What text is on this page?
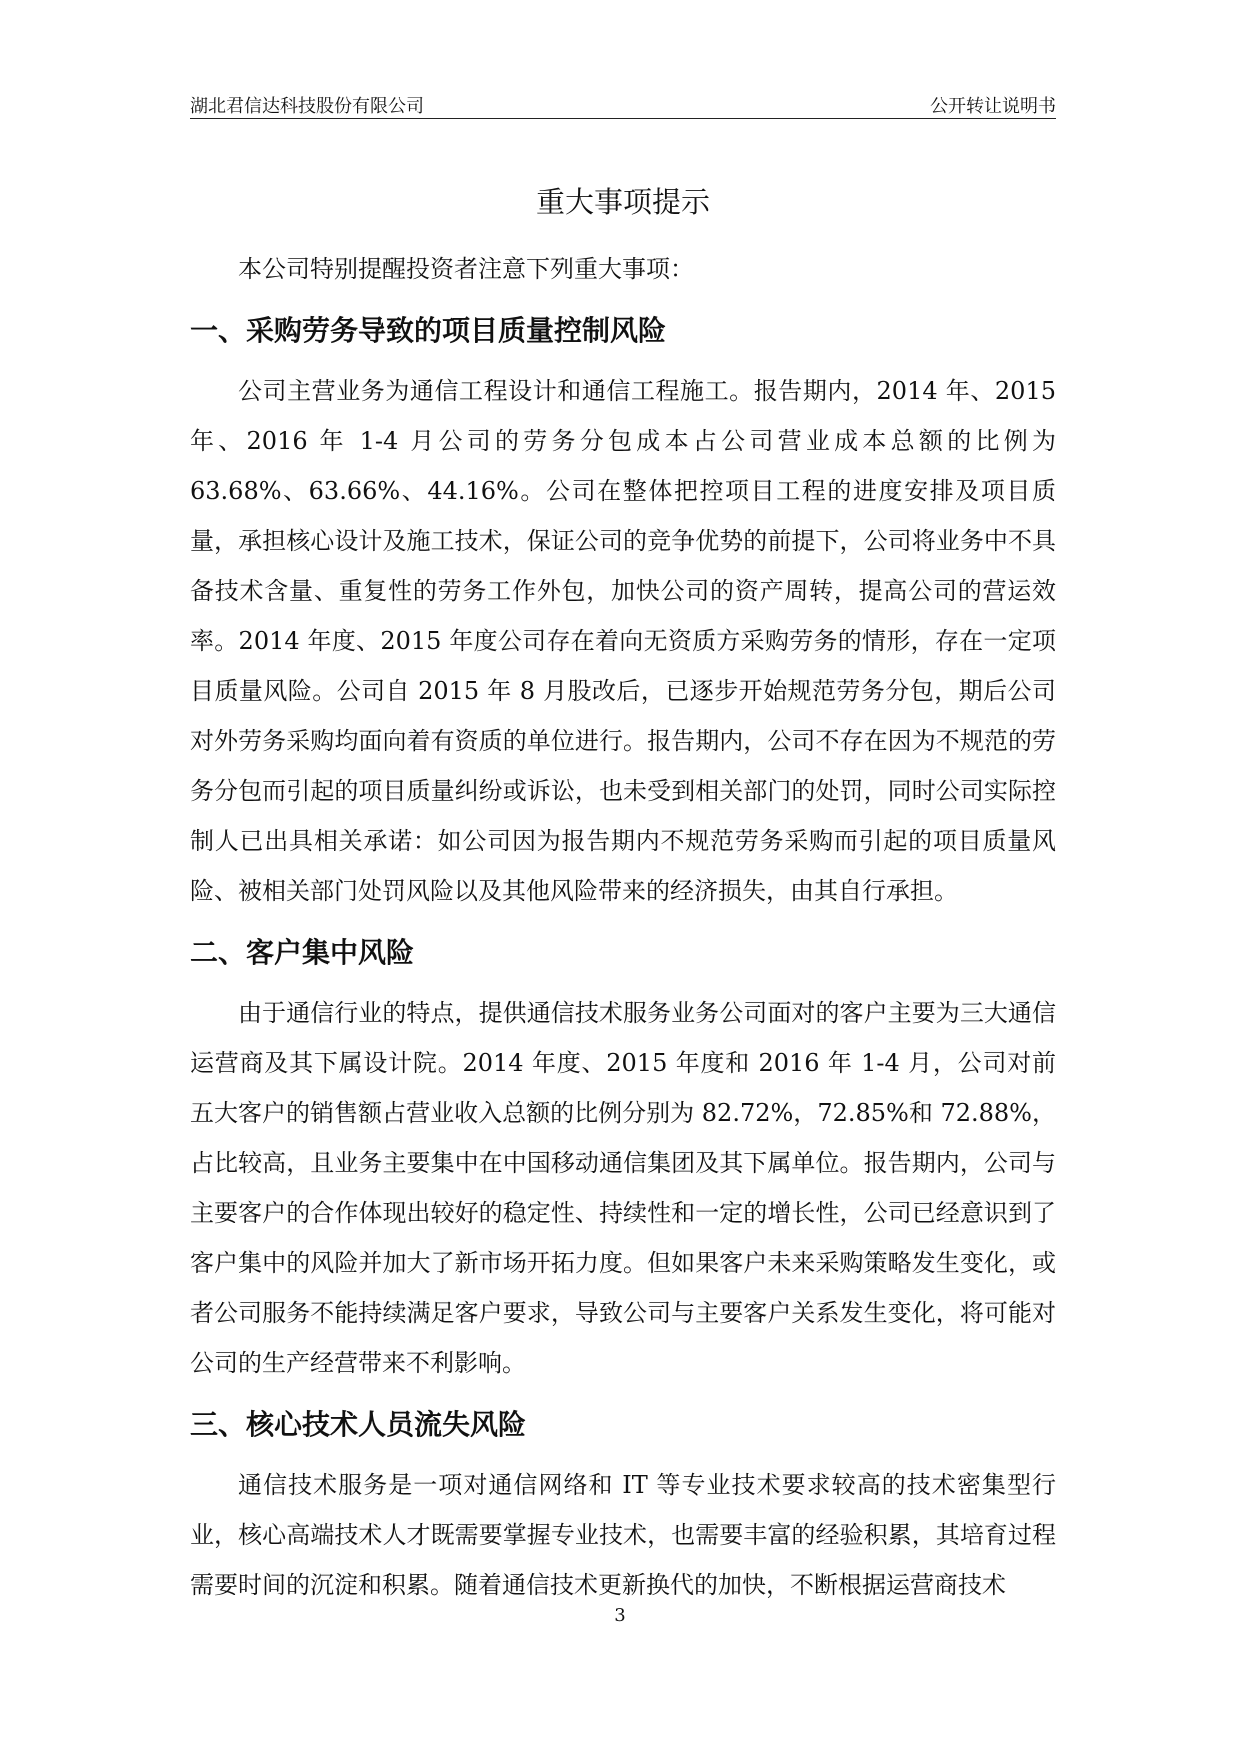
湖北君信达科技股份有限公司	公开转让说明书
重大事项提示

本公司特别提醒投资者注意下列重大事项：

一、采购劳务导致的项目质量控制风险

公司主营业务为通信工程设计和通信工程施工。报告期内，2014 年、2015 年、2016 年 1-4 月公司的劳务分包成本占公司营业成本总额的比例为 63.68%、63.66%、44.16%。公司在整体把控项目工程的进度安排及项目质量，承担核心设计及施工技术，保证公司的竞争优势的前提下，公司将业务中不具备技术含量、重复性的劳务工作外包，加快公司的资产周转，提高公司的营运效率。2014 年度、2015 年度公司存在着向无资质方采购劳务的情形，存在一定项目质量风险。公司自 2015 年 8 月股改后，已逐步开始规范劳务分包，期后公司对外劳务采购均面向着有资质的单位进行。报告期内，公司不存在因为不规范的劳务分包而引起的项目质量纠纷或诉讼，也未受到相关部门的处罚，同时公司实际控制人已出具相关承诺：如公司因为报告期内不规范劳务采购而引起的项目质量风险、被相关部门处罚风险以及其他风险带来的经济损失，由其自行承担。

二、客户集中风险

由于通信行业的特点，提供通信技术服务业务公司面对的客户主要为三大通信运营商及其下属设计院。2014 年度、2015 年度和 2016 年 1-4 月，公司对前五大客户的销售额占营业收入总额的比例分别为 82.72%，72.85%和 72.88%，占比较高，且业务主要集中在中国移动通信集团及其下属单位。报告期内，公司与主要客户的合作体现出较好的稳定性、持续性和一定的增长性，公司已经意识到了客户集中的风险并加大了新市场开拓力度。但如果客户未来采购策略发生变化，或者公司服务不能持续满足客户要求，导致公司与主要客户关系发生变化，将可能对公司的生产经营带来不利影响。

三、核心技术人员流失风险

通信技术服务是一项对通信网络和 IT 等专业技术要求较高的技术密集型行业，核心高端技术人才既需要掌握专业技术，也需要丰富的经验积累，其培育过程需要时间的沉淀和积累。随着通信技术更新换代的加快，不断根据运营商技术

3
